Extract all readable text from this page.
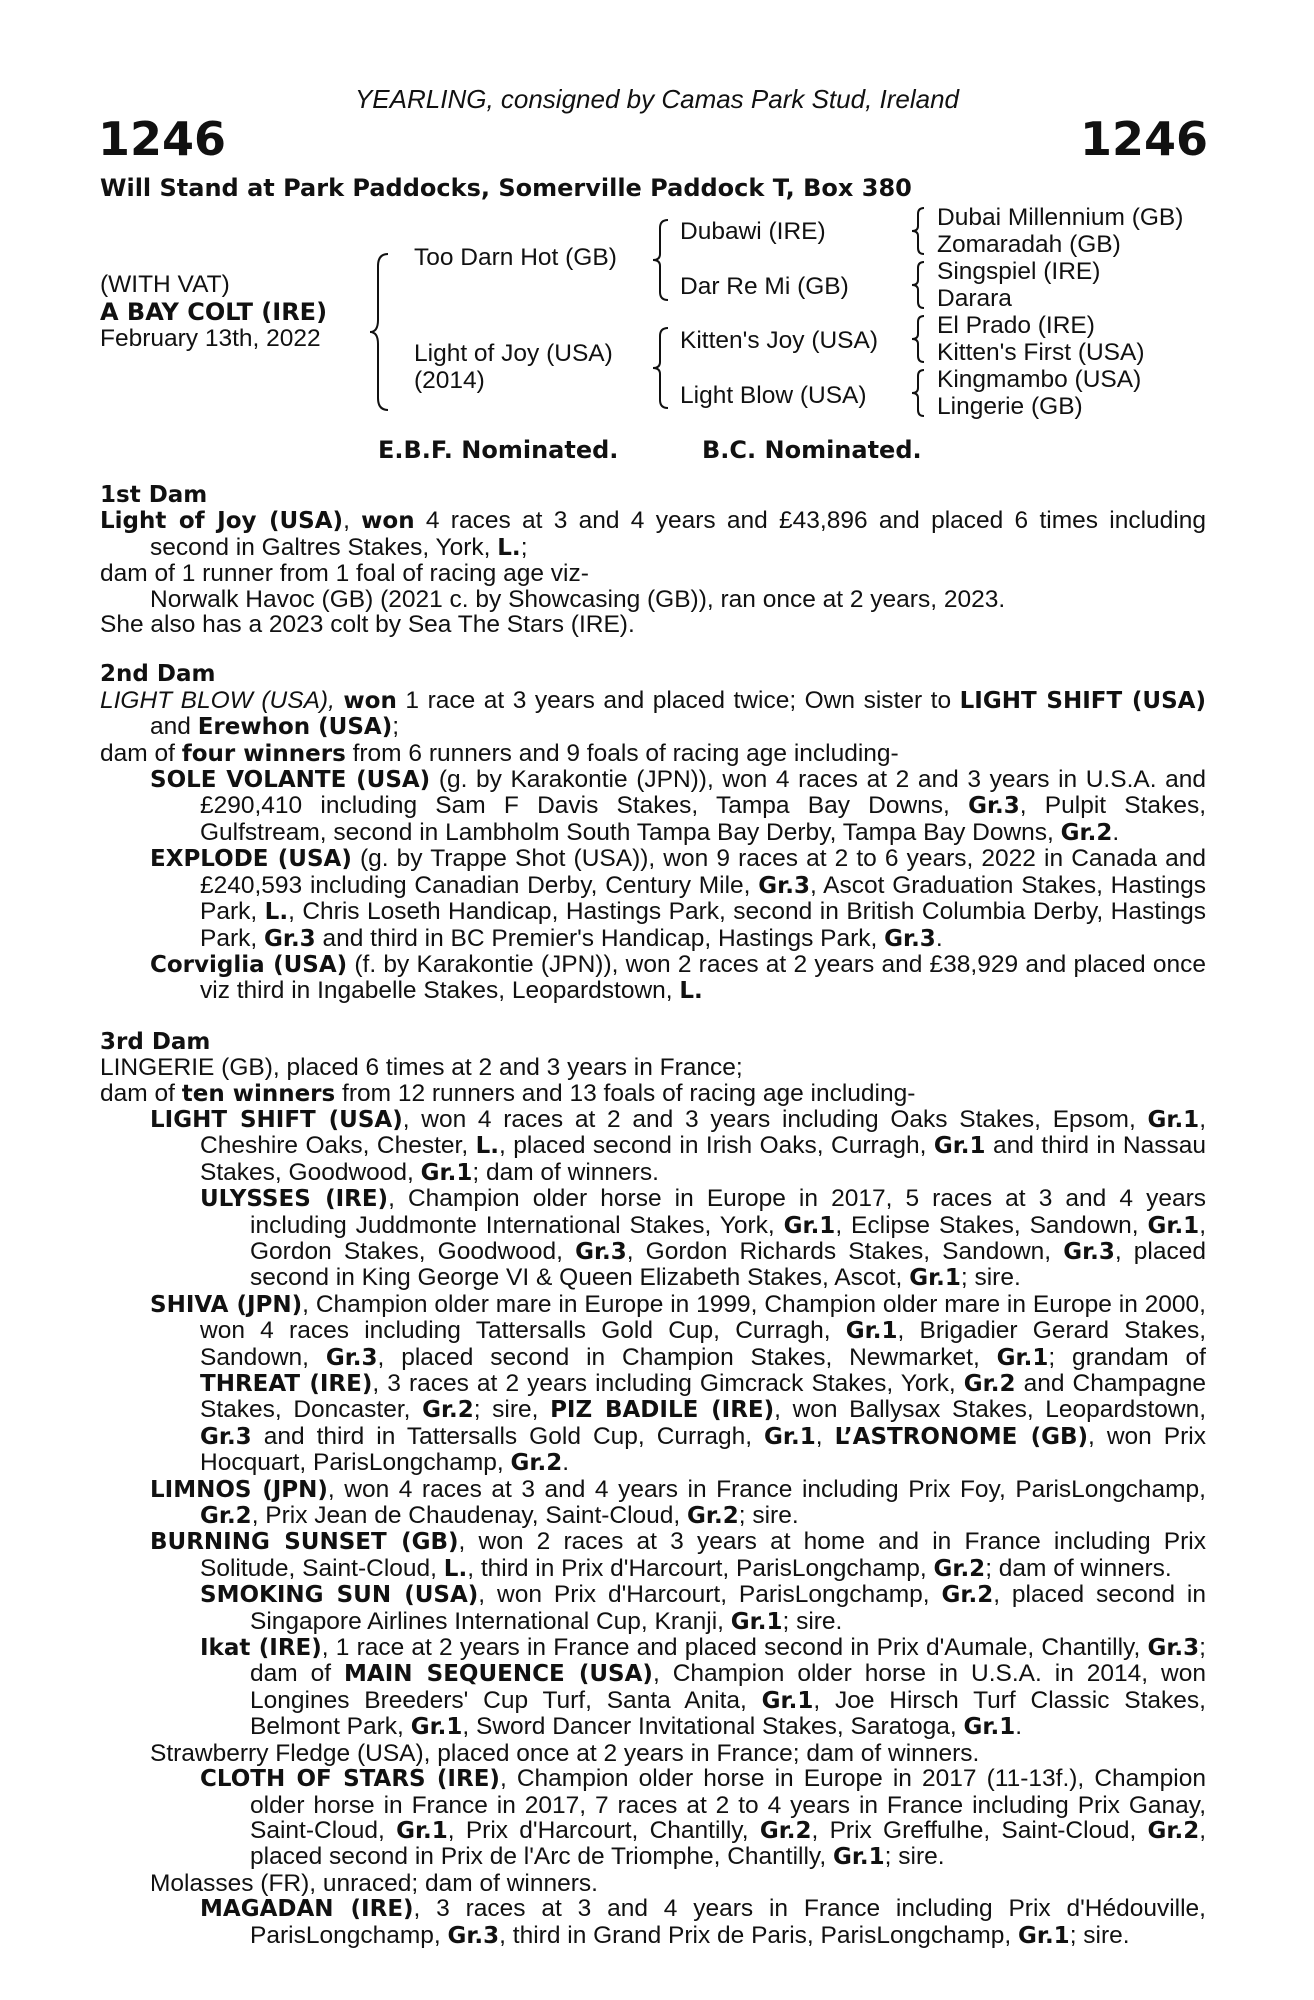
YEARLING, consigned by Camas Park Stud, Ireland
1246	1246
Will Stand at Park Paddocks, Somerville Paddock T, Box 380
(WITH VAT)
A BAY COLT (IRE)
February 13th, 2022
Too Darn Hot (GB)
Light of Joy (USA)
(2014)
Dubawi (IRE)
Dar Re Mi (GB)
Kitten's Joy (USA)
Light Blow (USA)
Dubai Millennium (GB)
Zomaradah (GB)
Singspiel (IRE)
Darara
El Prado (IRE)
Kitten's First (USA)
Kingmambo (USA)
Lingerie (GB)
E.B.F. Nominated.	B.C. Nominated.

1st Dam

Light of Joy (USA), won 4 races at 3 and 4 years and £43,896 and placed 6 times including second in Galtres Stakes, York, L.;

dam of 1 runner from 1 foal of racing age viz-

Norwalk Havoc (GB) (2021 c. by Showcasing (GB)), ran once at 2 years, 2023.

She also has a 2023 colt by Sea The Stars (IRE).

2nd Dam

LIGHT BLOW (USA), won 1 race at 3 years and placed twice; Own sister to LIGHT SHIFT (USA) and Erewhon (USA);

dam of four winners from 6 runners and 9 foals of racing age including-

SOLE VOLANTE (USA) (g. by Karakontie (JPN)), won 4 races at 2 and 3 years in U.S.A. and £290,410 including Sam F Davis Stakes, Tampa Bay Downs, Gr.3, Pulpit Stakes, Gulfstream, second in Lambholm South Tampa Bay Derby, Tampa Bay Downs, Gr.2.

EXPLODE (USA) (g. by Trappe Shot (USA)), won 9 races at 2 to 6 years, 2022 in Canada and £240,593 including Canadian Derby, Century Mile, Gr.3, Ascot Graduation Stakes, Hastings Park, L., Chris Loseth Handicap, Hastings Park, second in British Columbia Derby, Hastings Park, Gr.3 and third in BC Premier's Handicap, Hastings Park, Gr.3.

Corviglia (USA) (f. by Karakontie (JPN)), won 2 races at 2 years and £38,929 and placed once viz third in Ingabelle Stakes, Leopardstown, L.

3rd Dam

LINGERIE (GB), placed 6 times at 2 and 3 years in France;

dam of ten winners from 12 runners and 13 foals of racing age including-

LIGHT SHIFT (USA), won 4 races at 2 and 3 years including Oaks Stakes, Epsom, Gr.1, Cheshire Oaks, Chester, L., placed second in Irish Oaks, Curragh, Gr.1 and third in Nassau Stakes, Goodwood, Gr.1; dam of winners.

ULYSSES (IRE), Champion older horse in Europe in 2017, 5 races at 3 and 4 years including Juddmonte International Stakes, York, Gr.1, Eclipse Stakes, Sandown, Gr.1, Gordon Stakes, Goodwood, Gr.3, Gordon Richards Stakes, Sandown, Gr.3, placed second in King George VI & Queen Elizabeth Stakes, Ascot, Gr.1; sire.

SHIVA (JPN), Champion older mare in Europe in 1999, Champion older mare in Europe in 2000, won 4 races including Tattersalls Gold Cup, Curragh, Gr.1, Brigadier Gerard Stakes, Sandown, Gr.3, placed second in Champion Stakes, Newmarket, Gr.1; grandam of THREAT (IRE), 3 races at 2 years including Gimcrack Stakes, York, Gr.2 and Champagne Stakes, Doncaster, Gr.2; sire, PIZ BADILE (IRE), won Ballysax Stakes, Leopardstown, Gr.3 and third in Tattersalls Gold Cup, Curragh, Gr.1, L’ASTRONOME (GB), won Prix Hocquart, ParisLongchamp, Gr.2.

LIMNOS (JPN), won 4 races at 3 and 4 years in France including Prix Foy, ParisLongchamp, Gr.2, Prix Jean de Chaudenay, Saint-Cloud, Gr.2; sire.

BURNING SUNSET (GB), won 2 races at 3 years at home and in France including Prix Solitude, Saint-Cloud, L., third in Prix d'Harcourt, ParisLongchamp, Gr.2; dam of winners.

SMOKING SUN (USA), won Prix d'Harcourt, ParisLongchamp, Gr.2, placed second in Singapore Airlines International Cup, Kranji, Gr.1; sire.

Ikat (IRE), 1 race at 2 years in France and placed second in Prix d'Aumale, Chantilly, Gr.3; dam of MAIN SEQUENCE (USA), Champion older horse in U.S.A. in 2014, won Longines Breeders' Cup Turf, Santa Anita, Gr.1, Joe Hirsch Turf Classic Stakes, Belmont Park, Gr.1, Sword Dancer Invitational Stakes, Saratoga, Gr.1.

Strawberry Fledge (USA), placed once at 2 years in France; dam of winners.

CLOTH OF STARS (IRE), Champion older horse in Europe in 2017 (11-13f.), Champion older horse in France in 2017, 7 races at 2 to 4 years in France including Prix Ganay, Saint-Cloud, Gr.1, Prix d'Harcourt, Chantilly, Gr.2, Prix Greffulhe, Saint-Cloud, Gr.2, placed second in Prix de l'Arc de Triomphe, Chantilly, Gr.1; sire.

Molasses (FR), unraced; dam of winners.

MAGADAN (IRE), 3 races at 3 and 4 years in France including Prix d'Hédouville, ParisLongchamp, Gr.3, third in Grand Prix de Paris, ParisLongchamp, Gr.1; sire.
